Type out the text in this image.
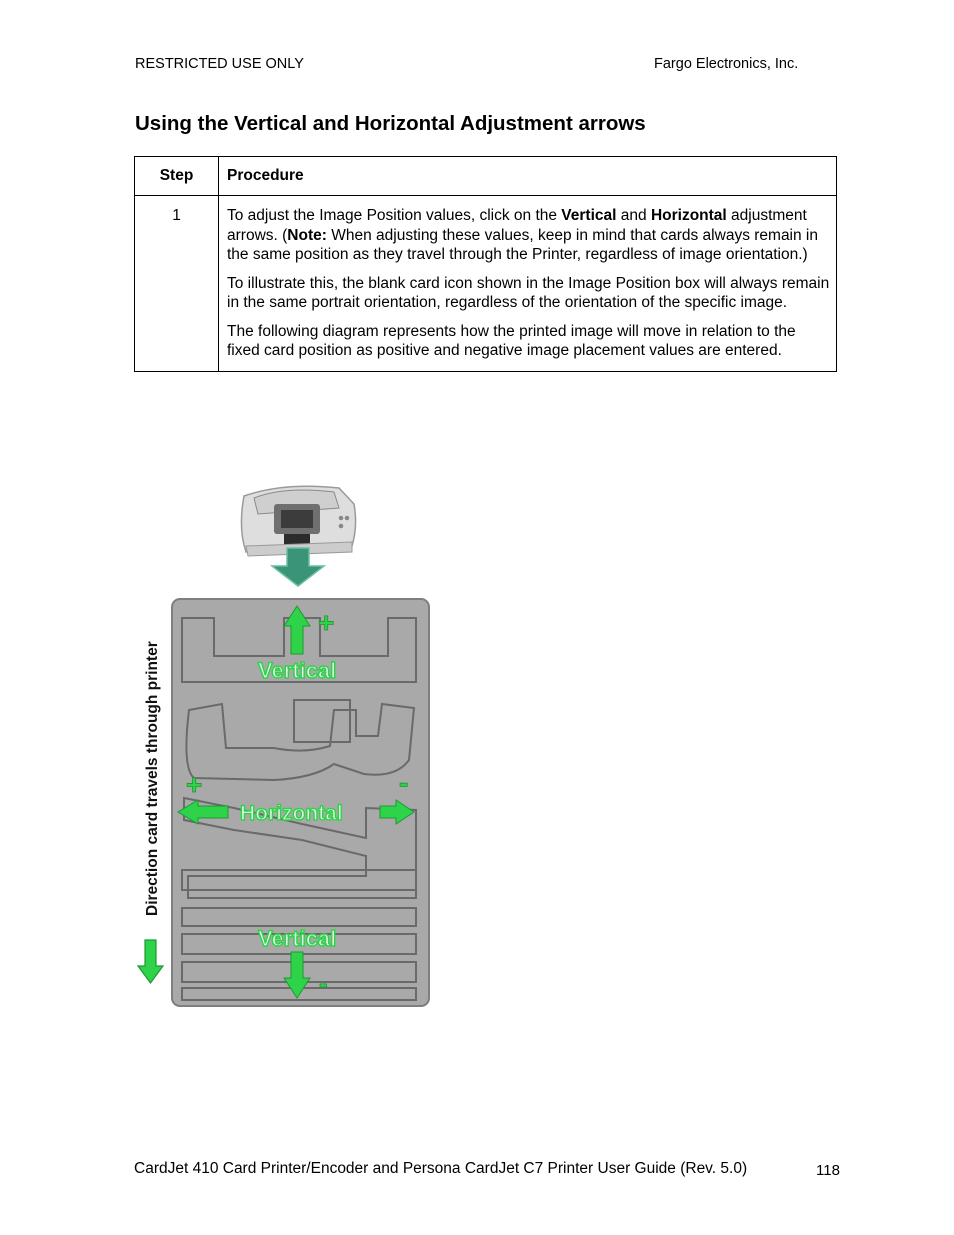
RESTRICTED USE ONLY	Fargo Electronics, Inc.
Using the Vertical and Horizontal Adjustment arrows
Step	Procedure
1	To adjust the Image Position values, click on the Vertical and Horizontal adjustment arrows. (Note: When adjusting these values, keep in mind that cards always remain in the same position as they travel through the Printer, regardless of image orientation.)

To illustrate this, the blank card icon shown in the Image Position box will always remain in the same portrait orientation, regardless of the orientation of the specific image.

The following diagram represents how the printed image will move in relation to the fixed card position as positive and negative image placement values are entered.

+
Vertical
+	-
Horizontal
Vertical
-
Direction card travels through printer
CardJet 410 Card Printer/Encoder and Persona CardJet C7 Printer User Guide (Rev. 5.0)	118
